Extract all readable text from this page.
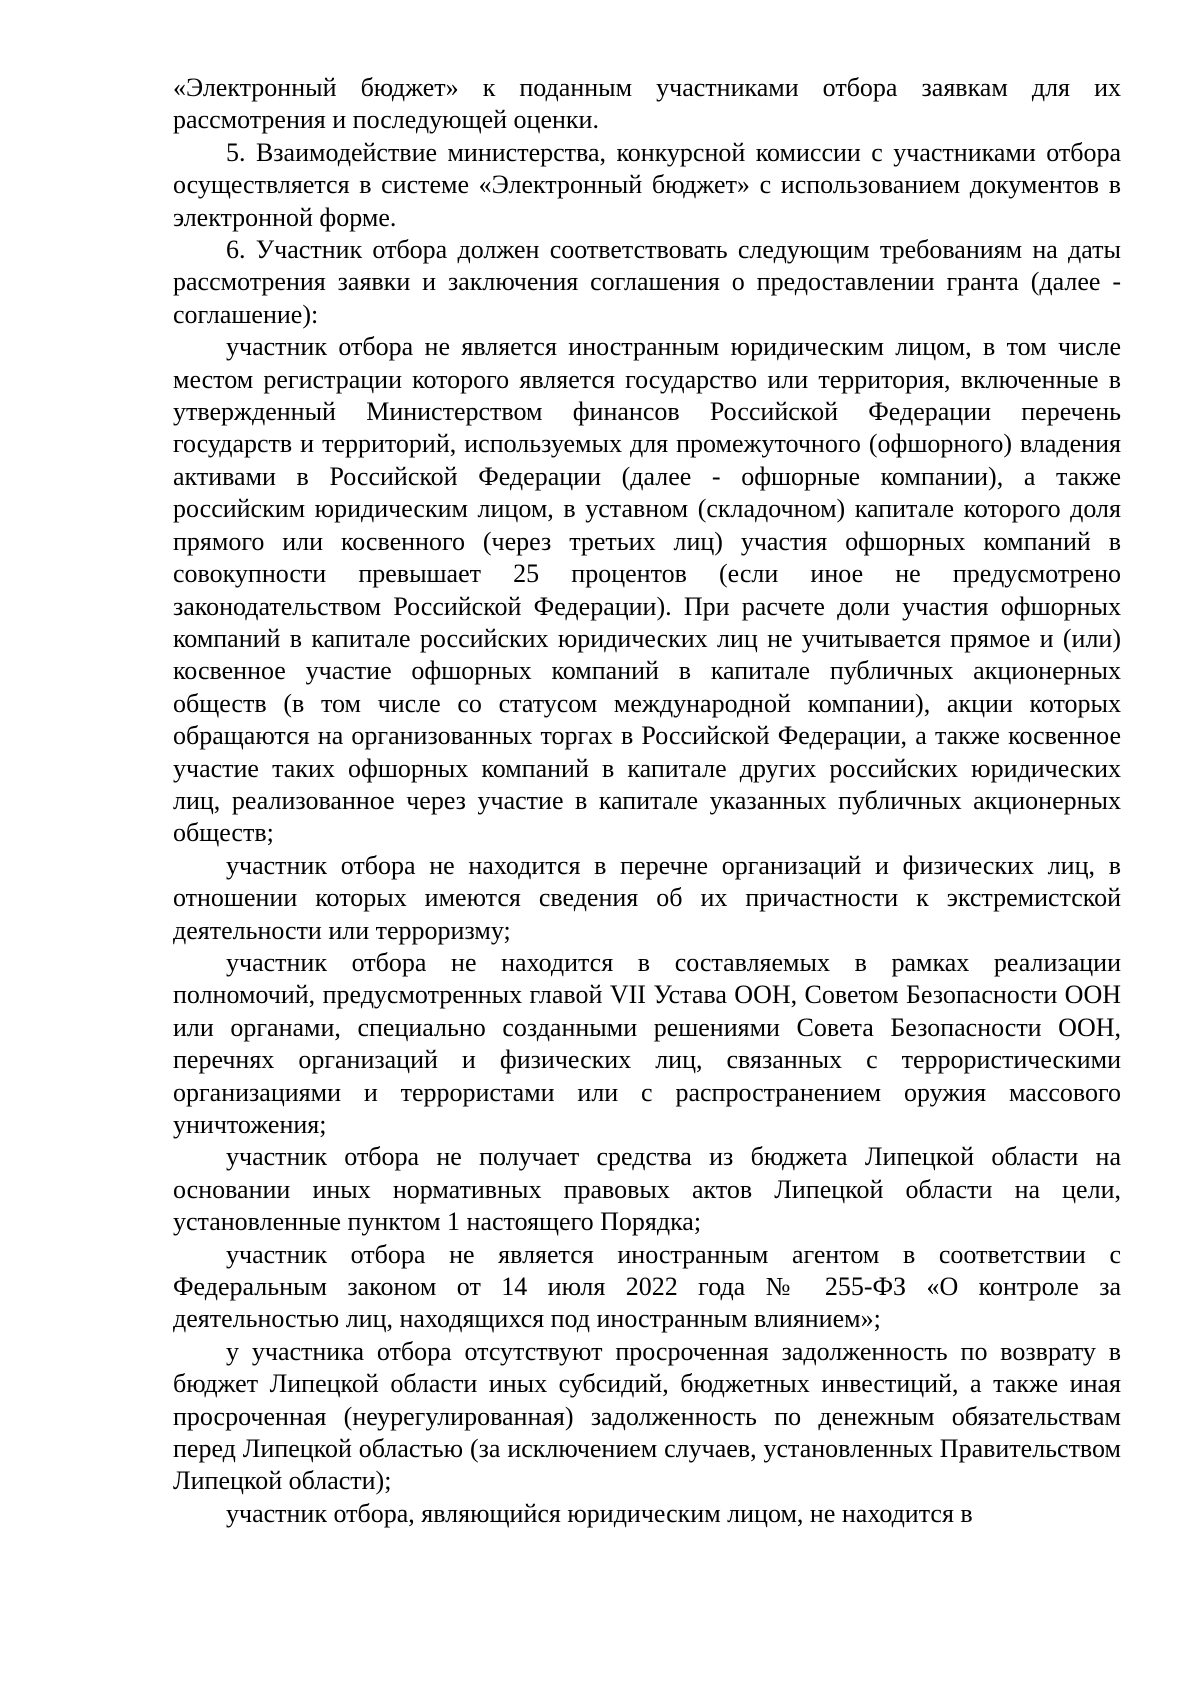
«Электронный бюджет» к поданным участниками отбора заявкам для их рассмотрения и последующей оценки.

5. Взаимодействие министерства, конкурсной комиссии с участниками отбора осуществляется в системе «Электронный бюджет» с использованием документов в электронной форме.

6. Участник отбора должен соответствовать следующим требованиям на даты рассмотрения заявки и заключения соглашения о предоставлении гранта (далее - соглашение):

участник отбора не является иностранным юридическим лицом, в том числе местом регистрации которого является государство или территория, включенные в утвержденный Министерством финансов Российской Федерации перечень государств и территорий, используемых для промежуточного (офшорного) владения активами в Российской Федерации (далее - офшорные компании), а также российским юридическим лицом, в уставном (складочном) капитале которого доля прямого или косвенного (через третьих лиц) участия офшорных компаний в совокупности превышает 25 процентов (если иное не предусмотрено законодательством Российской Федерации). При расчете доли участия офшорных компаний в капитале российских юридических лиц не учитывается прямое и (или) косвенное участие офшорных компаний в капитале публичных акционерных обществ (в том числе со статусом международной компании), акции которых обращаются на организованных торгах в Российской Федерации, а также косвенное участие таких офшорных компаний в капитале других российских юридических лиц, реализованное через участие в капитале указанных публичных акционерных обществ;

участник отбора не находится в перечне организаций и физических лиц, в отношении которых имеются сведения об их причастности к экстремистской деятельности или терроризму;

участник отбора не находится в составляемых в рамках реализации полномочий, предусмотренных главой VII Устава ООН, Советом Безопасности ООН или органами, специально созданными решениями Совета Безопасности ООН, перечнях организаций и физических лиц, связанных с террористическими организациями и террористами или с распространением оружия массового уничтожения;

участник отбора не получает средства из бюджета Липецкой области на основании иных нормативных правовых актов Липецкой области на цели, установленные пунктом 1 настоящего Порядка;

участник отбора не является иностранным агентом в соответствии с Федеральным законом от 14 июля 2022 года № 255-ФЗ «О контроле за деятельностью лиц, находящихся под иностранным влиянием»;

у участника отбора отсутствуют просроченная задолженность по возврату в бюджет Липецкой области иных субсидий, бюджетных инвестиций, а также иная просроченная (неурегулированная) задолженность по денежным обязательствам перед Липецкой областью (за исключением случаев, установленных Правительством Липецкой области);

участник отбора, являющийся юридическим лицом, не находится в
